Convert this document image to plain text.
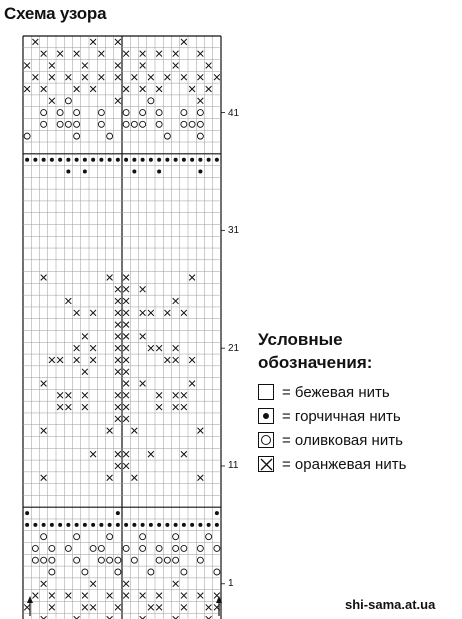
Схема узора
41
31
21
11
1
Условные
обозначения:
= бежевая нить
= горчичная нить
= оливковая нить
= оранжевая нить
shi-sama.at.ua
